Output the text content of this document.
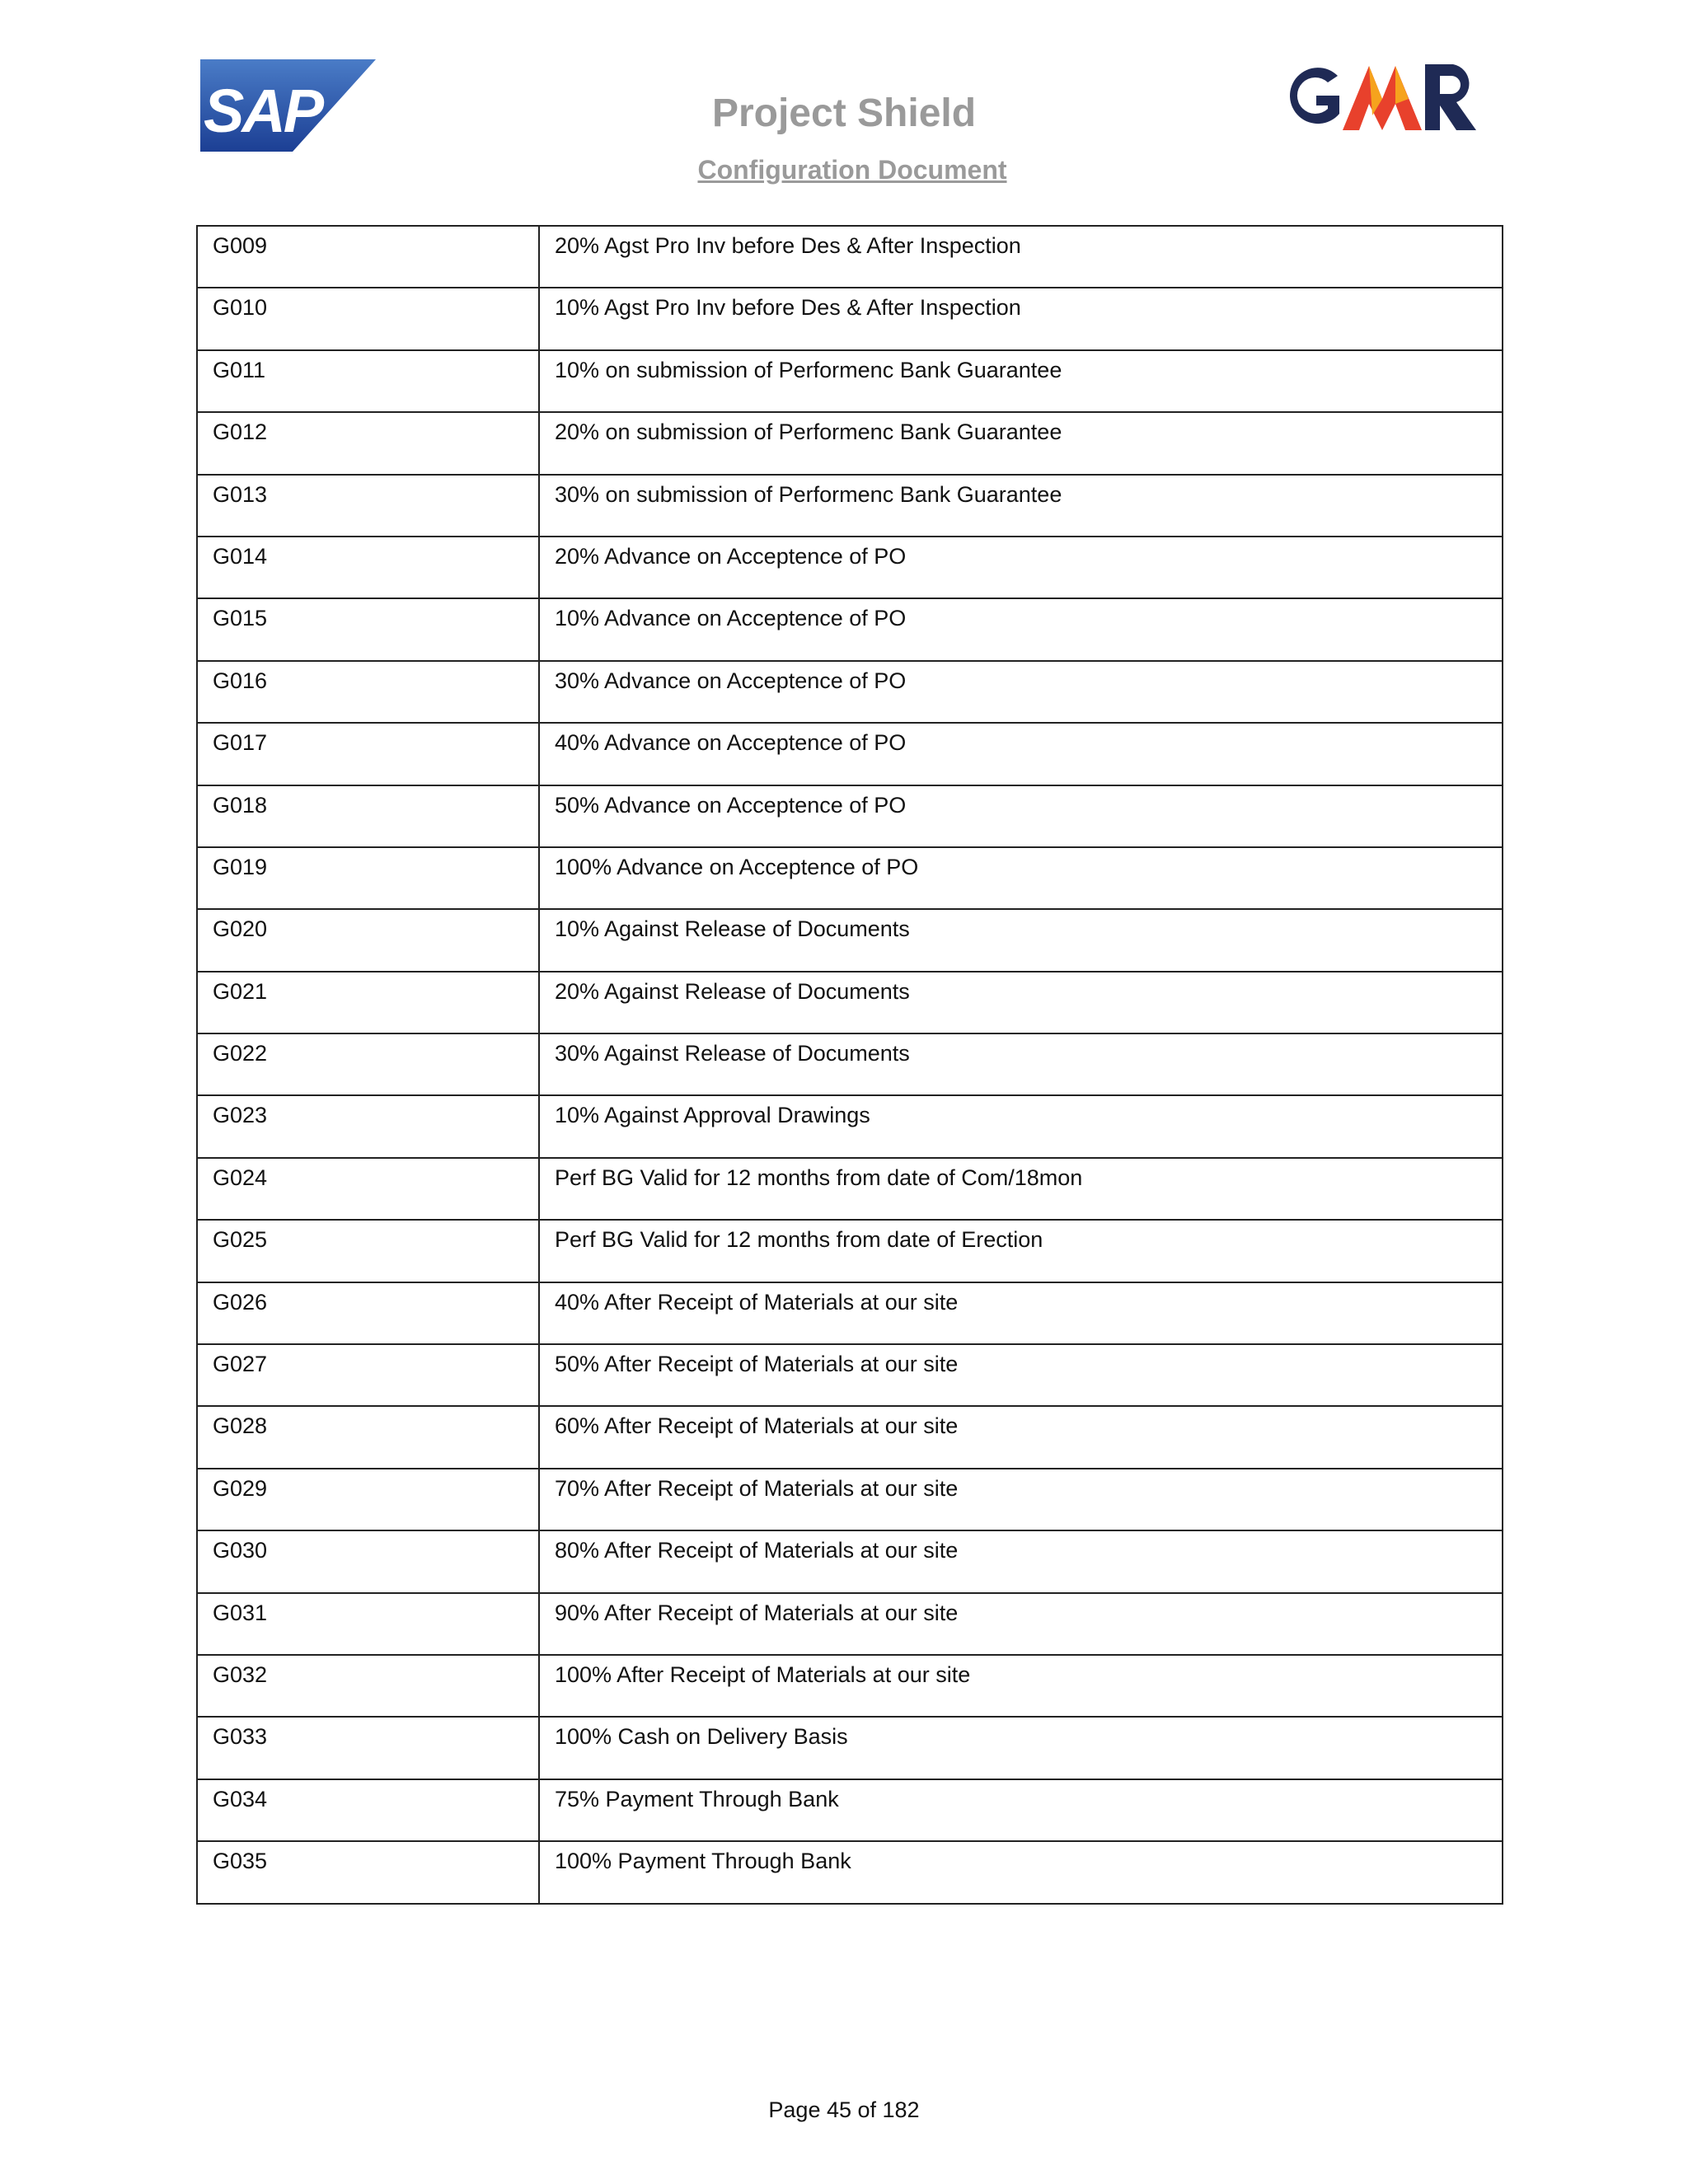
SAP	Project Shield
Configuration Document
G009	20% Agst Pro Inv before Des & After Inspection
G010	10% Agst Pro Inv before Des & After Inspection
G011	10% on submission of Performenc Bank Guarantee
G012	20% on submission of Performenc Bank Guarantee
G013	30% on submission of Performenc Bank Guarantee
G014	20% Advance on Acceptence of PO
G015	10% Advance on Acceptence of PO
G016	30% Advance on Acceptence of PO
G017	40% Advance on Acceptence of PO
G018	50% Advance on Acceptence of PO
G019	100% Advance on Acceptence of PO
G020	10% Against Release of Documents
G021	20% Against Release of Documents
G022	30% Against Release of Documents
G023	10% Against Approval Drawings
G024	Perf BG Valid for 12 months from date of Com/18mon
G025	Perf BG Valid for 12 months from date of Erection
G026	40% After Receipt of Materials at our site
G027	50% After Receipt of Materials at our site
G028	60% After Receipt of Materials at our site
G029	70% After Receipt of Materials at our site
G030	80% After Receipt of Materials at our site
G031	90% After Receipt of Materials at our site
G032	100% After Receipt of Materials at our site
G033	100% Cash on Delivery Basis
G034	75% Payment Through Bank
G035	100% Payment Through Bank
Page 45 of 182
